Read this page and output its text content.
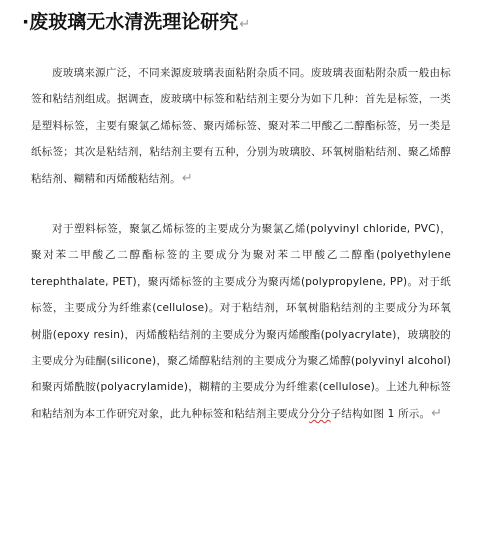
·废玻璃无水清洗理论研究↵
废玻璃来源广泛，不同来源废玻璃表面粘附杂质不同。废玻璃表面粘附杂质一般由标签和粘结剂组成。据调查，废玻璃中标签和粘结剂主要分为如下几种：首先是标签，一类是塑料标签，主要有聚氯乙烯标签、聚丙烯标签、聚对苯二甲酸乙二醇酯标签，另一类是纸标签；其次是粘结剂，粘结剂主要有五种，分别为玻璃胶、环氧树脂粘结剂、聚乙烯醇粘结剂、糊精和丙烯酸粘结剂。↵
对于塑料标签，聚氯乙烯标签的主要成分为聚氯乙烯(polyvinyl chloride, PVC)，聚对苯二甲酸乙二醇酯标签的主要成分为聚对苯二甲酸乙二醇酯(polyethylene terephthalate, PET)，聚丙烯标签的主要成分为聚丙烯(polypropylene, PP)。对于纸标签，主要成分为纤维素(cellulose)。对于粘结剂，环氧树脂粘结剂的主要成分为环氧树脂(epoxy resin)，丙烯酸粘结剂的主要成分为聚丙烯酸酯(polyacrylate)，玻璃胶的主要成分为硅酮(silicone)，聚乙烯醇粘结剂的主要成分为聚乙烯醇(polyvinyl alcohol)和聚丙烯酰胺(polyacrylamide)，糊精的主要成分为纤维素(cellulose)。上述九种标签和粘结剂为本工作研究对象，此九种标签和粘结剂主要成分分分子结构如图 1 所示。↵
